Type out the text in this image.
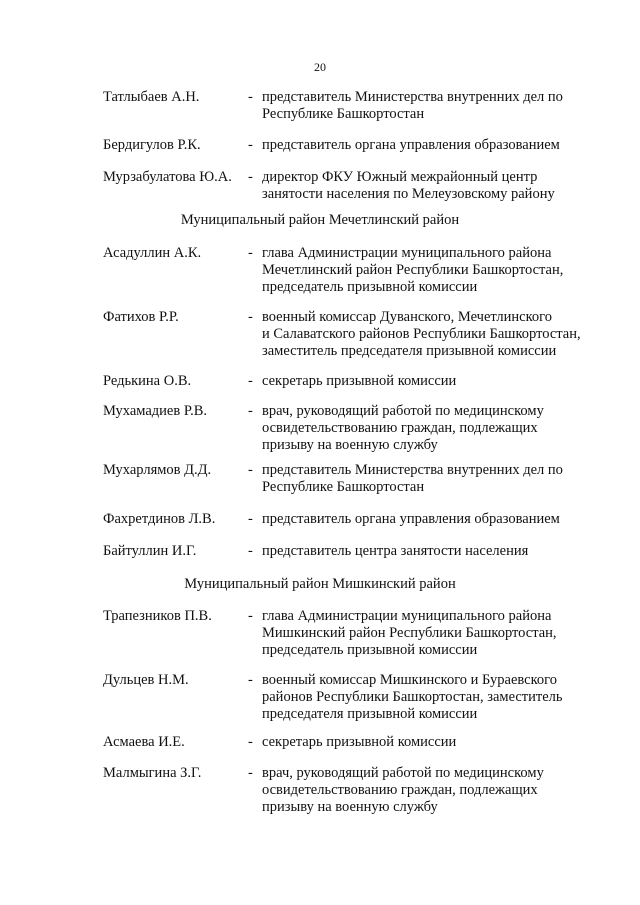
20
Татлыбаев А.Н.	- представитель Министерства внутренних дел по
Республике Башкортостан
Бердигулов Р.К.	- представитель органа управления образованием
Мурзабулатова Ю.А. - директор ФКУ Южный межрайонный центр
занятости населения по Мелеузовскому району
Муниципальный район Мечетлинский район
Асадуллин А.К.	- глава Администрации муниципального района
Мечетлинский район Республики Башкортостан,
председатель призывной комиссии
Фатихов Р.Р.	- военный комиссар Дуванского, Мечетлинского
и Салаватского районов Республики Башкортостан,
заместитель председателя призывной комиссии
Редькина О.В.	- секретарь призывной комиссии
Мухамадиев Р.В.	- врач, руководящий работой по медицинскому
освидетельствованию граждан, подлежащих
призыву на военную службу
Мухарлямов Д.Д.	- представитель Министерства внутренних дел по
Республике Башкортостан
Фахретдинов Л.В. - представитель органа управления образованием
Байтуллин И.Г.	- представитель центра занятости населения
Муниципальный район Мишкинский район
Трапезников П.В. - глава Администрации муниципального района
Мишкинский район Республики Башкортостан,
председатель призывной комиссии
Дульцев Н.М.	- военный комиссар Мишкинского и Бураевского
районов Республики Башкортостан, заместитель
председателя призывной комиссии
Асмаева И.Е.	- секретарь призывной комиссии
Малмыгина З.Г.	- врач, руководящий работой по медицинскому
освидетельствованию граждан, подлежащих
призыву на военную службу
